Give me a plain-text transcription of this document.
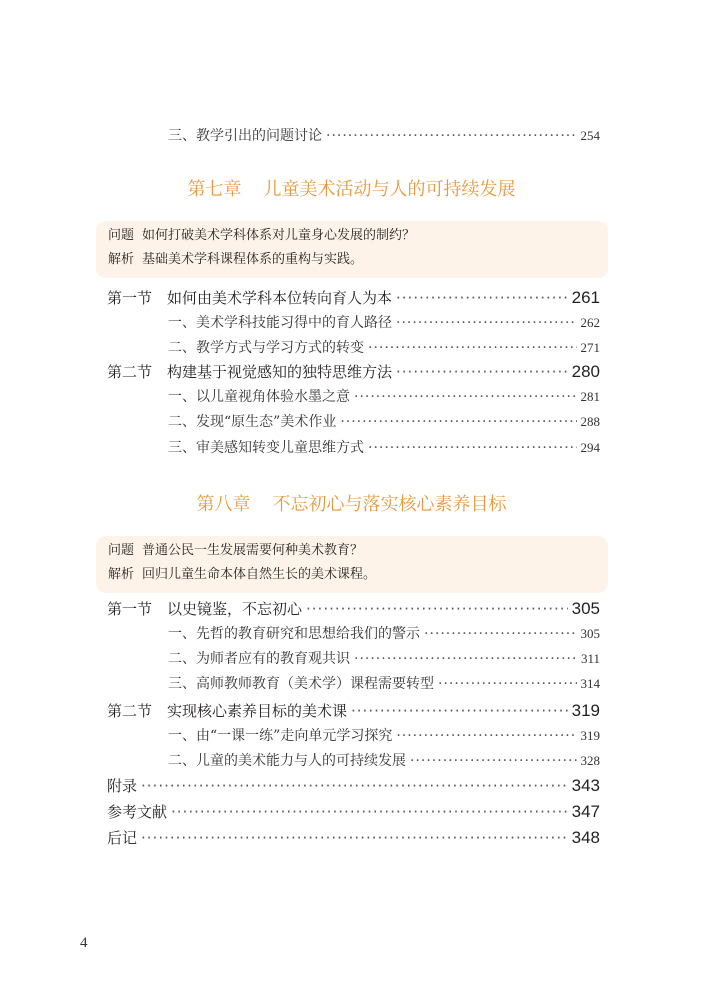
三、教学引出的问题讨论 ·····	254
第七章 儿童美术活动与人的可持续发展
问题 如何打破美术学科体系对儿童身心发展的制约？
解析 基础美术学科课程体系的重构与实践。
第一节 如何由美术学科本位转向育人为本 ·····	261
一、美术学科技能习得中的育人路径 ·····	262
二、教学方式与学习方式的转变 ·····	271
第二节 构建基于视觉感知的独特思维方法 ·····	280
一、以儿童视角体验水墨之意 ·····	281
二、发现“原生态”美术作业 ·····	288
三、审美感知转变儿童思维方式 ·····	294
第八章 不忘初心与落实核心素养目标
问题 普通公民一生发展需要何种美术教育？
解析 回归儿童生命本体自然生长的美术课程。
第一节 以史镜鉴，不忘初心 ·····	305
一、先哲的教育研究和思想给我们的警示 ·····	305
二、为师者应有的教育观共识 ·····	311
三、高师教师教育（美术学）课程需要转型 ·····	314
第二节 实现核心素养目标的美术课 ·····	319
一、由“一课一练”走向单元学习探究 ·····	319
二、儿童的美术能力与人的可持续发展 ·····	328
附录 ·····	343
参考文献 ·····	347
后记 ·····	348
4
